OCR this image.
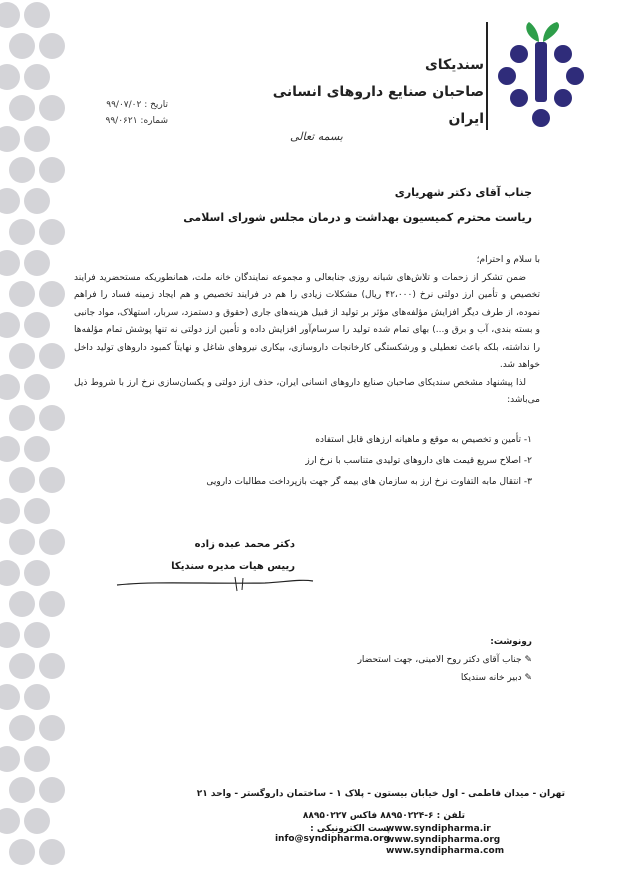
سندیکای
صاحبان صنایع داروهای انسانی
ایران
تاریخ : ۹۹/۰۷/۰۲
شماره: ۹۹/۰۶۲۱
بسمه تعالی
جناب آقای دکتر شهریاری
ریاست محترم کمیسیون بهداشت و درمان مجلس شورای اسلامی

با سلام و احترام؛

ضمن تشکر از زحمات و تلاش‌های شبانه روزی جنابعالی و مجموعه نمایندگان خانه ملت، همانطوریکه مستحضرید فرایند تخصیص و تأمین ارز دولتی نرخ (۴۲،۰۰۰ ریال) مشکلات زیادی را هم در فرایند تخصیص و هم ایجاد زمینه فساد را فراهم نموده، از طرف دیگر افزایش مؤلفه‌های مؤثر بر تولید از قبیل هزینه‌های جاری (حقوق و دستمزد، سربار، استهلاک، مواد جانبی و بسته بندی، آب و برق و...) بهای تمام شده تولید را سرسام‌آور افزایش داده و تأمین ارز دولتی نه تنها پوشش تمام مؤلفه‌ها را نداشته، بلکه باعث تعطیلی و ورشکستگی کارخانجات داروسازی، بیکاری نیروهای شاغل و نهایتاً کمبود داروهای تولید داخل خواهد شد.

لذا پیشنهاد مشخص سندیکای صاحبان صنایع داروهای انسانی ایران، حذف ارز دولتی و یکسان‌سازی نرخ ارز با شروط ذیل می‌باشد:

۱- تأمین و تخصیص به موقع و ماهیانه ارزهای قابل استفاده
۲- اصلاح سریع قیمت های داروهای تولیدی متناسب با نرخ ارز
۳- انتقال مابه التفاوت نرخ ارز به سازمان های بیمه گر جهت بازپرداخت مطالبات دارویی
دکتر محمد عبده زاده
رییس هیات مدیره سندیکا
رونوشت:
✎ جناب آقای دکتر روح الامینی، جهت استحضار
✎ دبیر خانه سندیکا
تهران - میدان فاطمی - اول خیابان بیستون - پلاک ۱ - ساختمان داروگستر - واحد ۲۱
تلفن : ۶-۸۸۹۵۰۲۲۴ فاکس ۸۸۹۵۰۲۲۷
پست الکترونیکی : info@syndipharma.org
www.syndipharma.ir
www.syndipharma.org
www.syndipharma.com
